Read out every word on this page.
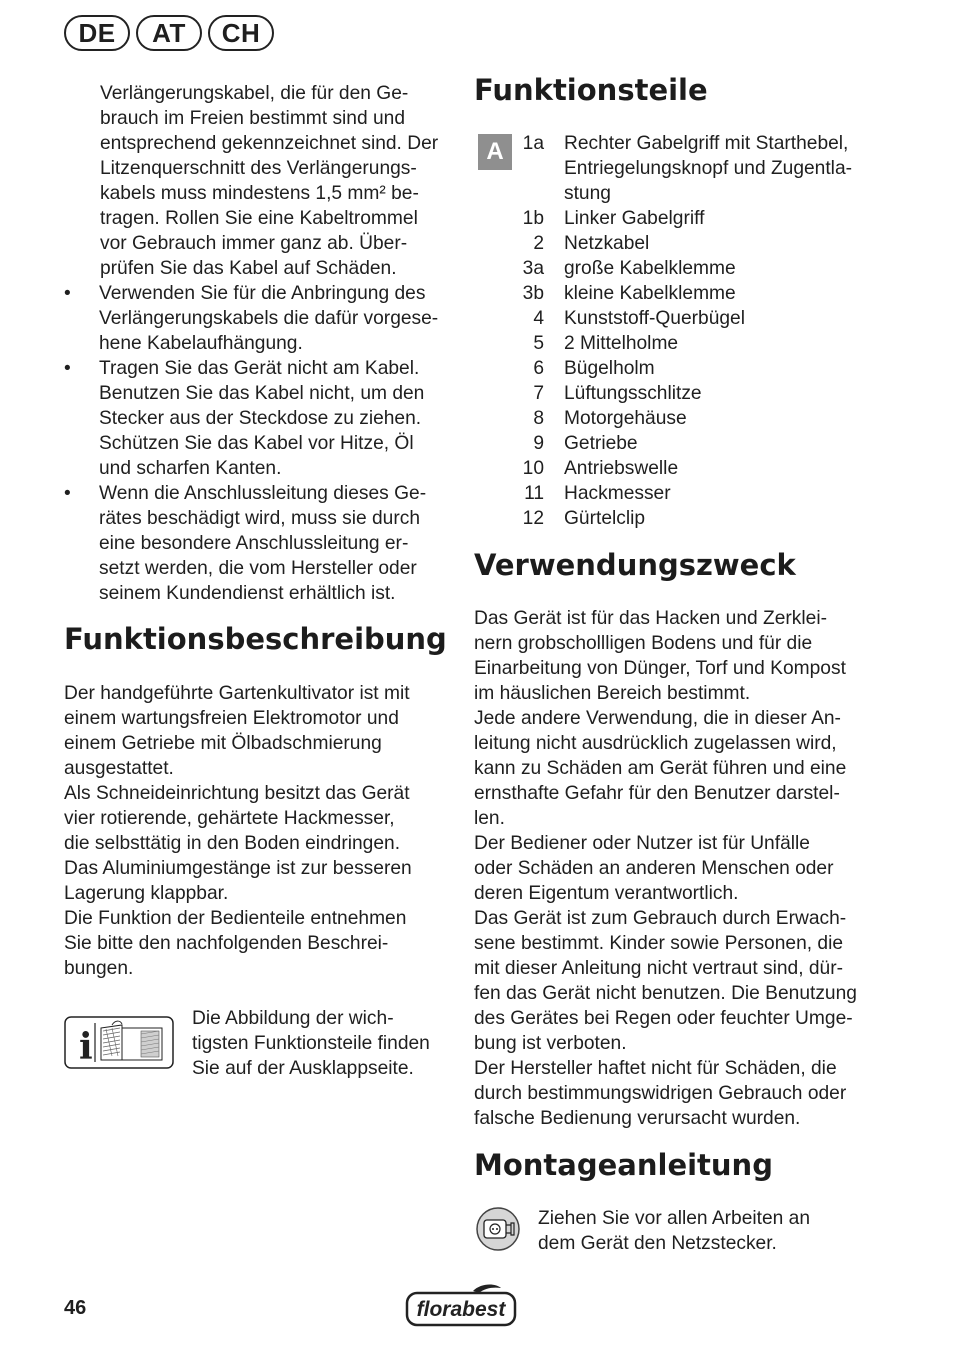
DE	AT	CH
Verlängerungskabel, die für den Ge-
brauch im Freien bestimmt sind und
entsprechend gekennzeichnet sind. Der
Litzenquerschnitt des Verlängerungs-
kabels muss mindestens 1,5 mm² be-
tragen. Rollen Sie eine Kabeltrommel
vor Gebrauch immer ganz ab. Über-
prüfen Sie das Kabel auf Schäden.
•	Verwenden Sie für die Anbringung des
Verlängerungskabels die dafür vorgese-
hene Kabelaufhängung.
•	Tragen Sie das Gerät nicht am Kabel.
Benutzen Sie das Kabel nicht, um den
Stecker aus der Steckdose zu ziehen.
Schützen Sie das Kabel vor Hitze, Öl
und scharfen Kanten.
•	Wenn die Anschlussleitung dieses Ge-
rätes beschädigt wird, muss sie durch
eine besondere Anschlussleitung er-
setzt werden, die vom Hersteller oder
seinem Kundendienst erhältlich ist.
Funktionsbeschreibung
Der handgeführte Gartenkultivator ist mit
einem wartungsfreien Elektromotor und
einem Getriebe mit Ölbadschmierung
ausgestattet.
Als Schneideinrichtung besitzt das Gerät
vier rotierende, gehärtete Hackmesser,
die selbsttätig in den Boden eindringen.
Das Aluminiumgestänge ist zur besseren
Lagerung klappbar.
Die Funktion der Bedienteile entnehmen
Sie bitte den nachfolgenden Beschrei-
bungen.
i
Die Abbildung der wich-
tigsten Funktionsteile finden
Sie auf der Ausklappseite.
Funktionsteile
A 1a Rechter Gabelgriff mit Starthebel,
Entriegelungsknopf und Zugentla-
stung
1b Linker Gabelgriff
2 Netzkabel
3a große Kabelklemme
3b kleine Kabelklemme
4 Kunststoff-Querbügel
5 2 Mittelholme
6 Bügelholm
7 Lüftungsschlitze
8 Motorgehäuse
9 Getriebe
10 Antriebswelle
11 Hackmesser
12 Gürtelclip
Verwendungszweck
Das Gerät ist für das Hacken und Zerklei-
nern grobschollligen Bodens und für die
Einarbeitung von Dünger, Torf und Kompost
im häuslichen Bereich bestimmt.
Jede andere Verwendung, die in dieser An-
leitung nicht ausdrücklich zugelassen wird,
kann zu Schäden am Gerät führen und eine
ernsthafte Gefahr für den Benutzer darstel-
len.
Der Bediener oder Nutzer ist für Unfälle
oder Schäden an anderen Menschen oder
deren Eigentum verantwortlich.
Das Gerät ist zum Gebrauch durch Erwach-
sene bestimmt. Kinder sowie Personen, die
mit dieser Anleitung nicht vertraut sind, dür-
fen das Gerät nicht benutzen. Die Benutzung
des Gerätes bei Regen oder feuchter Umge-
bung ist verboten.
Der Hersteller haftet nicht für Schäden, die
durch bestimmungswidrigen Gebrauch oder
falsche Bedienung verursacht wurden.
Montageanleitung
Ziehen Sie vor allen Arbeiten an
dem Gerät den Netzstecker.
46	florabest
